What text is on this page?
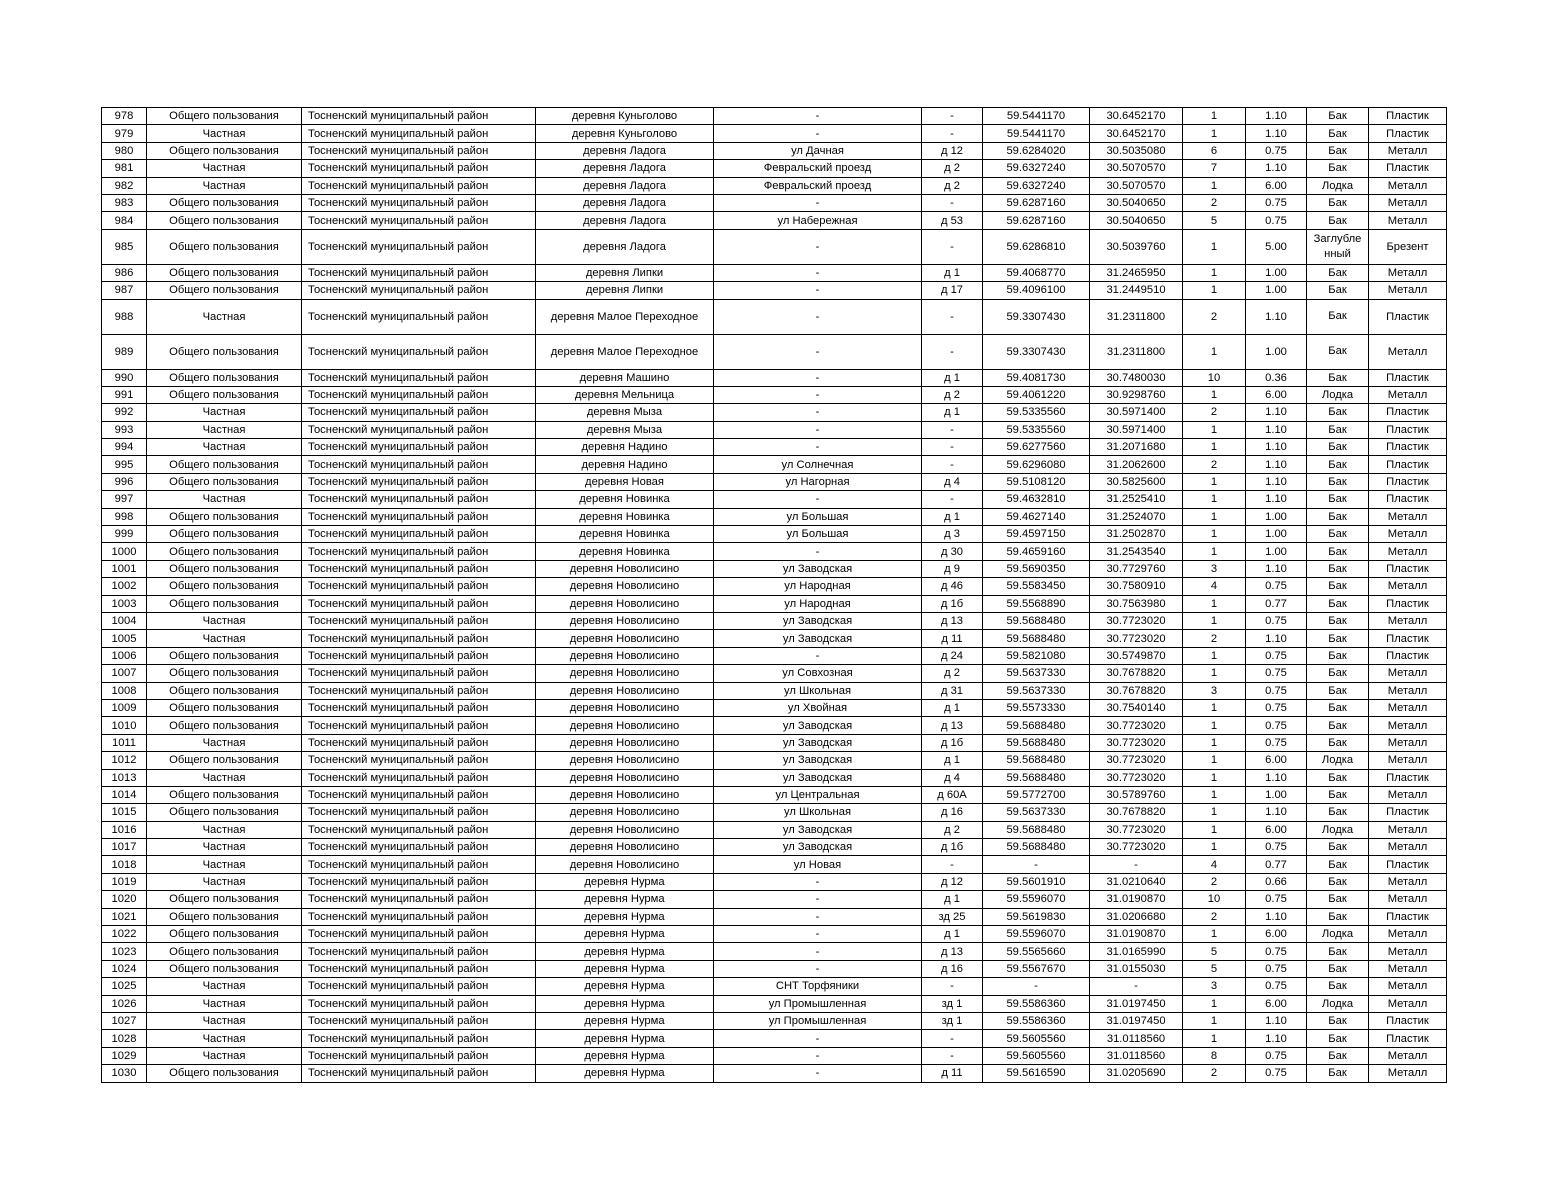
978	Общего пользования	Тосненский муниципальный район	деревня Куньголово	-	-	59.5441170	30.6452170	1	1.10	Бак	Пластик
979	Частная	Тосненский муниципальный район	деревня Куньголово	-	-	59.5441170	30.6452170	1	1.10	Бак	Пластик
980	Общего пользования	Тосненский муниципальный район	деревня Ладога	ул Дачная	д 12	59.6284020	30.5035080	6	0.75	Бак	Металл
981	Частная	Тосненский муниципальный район	деревня Ладога	Февральский проезд	д 2	59.6327240	30.5070570	7	1.10	Бак	Пластик
982	Частная	Тосненский муниципальный район	деревня Ладога	Февральский проезд	д 2	59.6327240	30.5070570	1	6.00	Лодка	Металл
983	Общего пользования	Тосненский муниципальный район	деревня Ладога	-	-	59.6287160	30.5040650	2	0.75	Бак	Металл
984	Общего пользования	Тосненский муниципальный район	деревня Ладога	ул Набережная	д 53	59.6287160	30.5040650	5	0.75	Бак	Металл
985	Общего пользования	Тосненский муниципальный район	деревня Ладога	-	-	59.6286810	30.5039760	1	5.00	Заглубле нный	Брезент
986	Общего пользования	Тосненский муниципальный район	деревня Липки	-	д 1	59.4068770	31.2465950	1	1.00	Бак	Металл
987	Общего пользования	Тосненский муниципальный район	деревня Липки	-	д 17	59.4096100	31.2449510	1	1.00	Бак	Металл
988	Частная	Тосненский муниципальный район	деревня Малое Переходное	-	-	59.3307430	31.2311800	2	1.10	Бак	Пластик
989	Общего пользования	Тосненский муниципальный район	деревня Малое Переходное	-	-	59.3307430	31.2311800	1	1.00	Бак	Металл
990	Общего пользования	Тосненский муниципальный район	деревня Машино	-	д 1	59.4081730	30.7480030	10	0.36	Бак	Пластик
991	Общего пользования	Тосненский муниципальный район	деревня Мельница	-	д 2	59.4061220	30.9298760	1	6.00	Лодка	Металл
992	Частная	Тосненский муниципальный район	деревня Мыза	-	д 1	59.5335560	30.5971400	2	1.10	Бак	Пластик
993	Частная	Тосненский муниципальный район	деревня Мыза	-	-	59.5335560	30.5971400	1	1.10	Бак	Пластик
994	Частная	Тосненский муниципальный район	деревня Надино	-	-	59.6277560	31.2071680	1	1.10	Бак	Пластик
995	Общего пользования	Тосненский муниципальный район	деревня Надино	ул Солнечная	-	59.6296080	31.2062600	2	1.10	Бак	Пластик
996	Общего пользования	Тосненский муниципальный район	деревня Новая	ул Нагорная	д 4	59.5108120	30.5825600	1	1.10	Бак	Пластик
997	Частная	Тосненский муниципальный район	деревня Новинка	-	-	59.4632810	31.2525410	1	1.10	Бак	Пластик
998	Общего пользования	Тосненский муниципальный район	деревня Новинка	ул Большая	д 1	59.4627140	31.2524070	1	1.00	Бак	Металл
999	Общего пользования	Тосненский муниципальный район	деревня Новинка	ул Большая	д 3	59.4597150	31.2502870	1	1.00	Бак	Металл
1000	Общего пользования	Тосненский муниципальный район	деревня Новинка	-	д 30	59.4659160	31.2543540	1	1.00	Бак	Металл
1001	Общего пользования	Тосненский муниципальный район	деревня Новолисино	ул Заводская	д 9	59.5690350	30.7729760	3	1.10	Бак	Пластик
1002	Общего пользования	Тосненский муниципальный район	деревня Новолисино	ул Народная	д 46	59.5583450	30.7580910	4	0.75	Бак	Металл
1003	Общего пользования	Тосненский муниципальный район	деревня Новолисино	ул Народная	д 1б	59.5568890	30.7563980	1	0.77	Бак	Пластик
1004	Частная	Тосненский муниципальный район	деревня Новолисино	ул Заводская	д 13	59.5688480	30.7723020	1	0.75	Бак	Металл
1005	Частная	Тосненский муниципальный район	деревня Новолисино	ул Заводская	д 11	59.5688480	30.7723020	2	1.10	Бак	Пластик
1006	Общего пользования	Тосненский муниципальный район	деревня Новолисино	-	д 24	59.5821080	30.5749870	1	0.75	Бак	Пластик
1007	Общего пользования	Тосненский муниципальный район	деревня Новолисино	ул Совхозная	д 2	59.5637330	30.7678820	1	0.75	Бак	Металл
1008	Общего пользования	Тосненский муниципальный район	деревня Новолисино	ул Школьная	д 31	59.5637330	30.7678820	3	0.75	Бак	Металл
1009	Общего пользования	Тосненский муниципальный район	деревня Новолисино	ул Хвойная	д 1	59.5573330	30.7540140	1	0.75	Бак	Металл
1010	Общего пользования	Тосненский муниципальный район	деревня Новолисино	ул Заводская	д 13	59.5688480	30.7723020	1	0.75	Бак	Металл
1011	Частная	Тосненский муниципальный район	деревня Новолисино	ул Заводская	д 1б	59.5688480	30.7723020	1	0.75	Бак	Металл
1012	Общего пользования	Тосненский муниципальный район	деревня Новолисино	ул Заводская	д 1	59.5688480	30.7723020	1	6.00	Лодка	Металл
1013	Частная	Тосненский муниципальный район	деревня Новолисино	ул Заводская	д 4	59.5688480	30.7723020	1	1.10	Бак	Пластик
1014	Общего пользования	Тосненский муниципальный район	деревня Новолисино	ул Центральная	д 60А	59.5772700	30.5789760	1	1.00	Бак	Металл
1015	Общего пользования	Тосненский муниципальный район	деревня Новолисино	ул Школьная	д 16	59.5637330	30.7678820	1	1.10	Бак	Пластик
1016	Частная	Тосненский муниципальный район	деревня Новолисино	ул Заводская	д 2	59.5688480	30.7723020	1	6.00	Лодка	Металл
1017	Частная	Тосненский муниципальный район	деревня Новолисино	ул Заводская	д 1б	59.5688480	30.7723020	1	0.75	Бак	Металл
1018	Частная	Тосненский муниципальный район	деревня Новолисино	ул Новая	-	-	-	4	0.77	Бак	Пластик
1019	Частная	Тосненский муниципальный район	деревня Нурма	-	д 12	59.5601910	31.0210640	2	0.66	Бак	Металл
1020	Общего пользования	Тосненский муниципальный район	деревня Нурма	-	д 1	59.5596070	31.0190870	10	0.75	Бак	Металл
1021	Общего пользования	Тосненский муниципальный район	деревня Нурма	-	зд 25	59.5619830	31.0206680	2	1.10	Бак	Пластик
1022	Общего пользования	Тосненский муниципальный район	деревня Нурма	-	д 1	59.5596070	31.0190870	1	6.00	Лодка	Металл
1023	Общего пользования	Тосненский муниципальный район	деревня Нурма	-	д 13	59.5565660	31.0165990	5	0.75	Бак	Металл
1024	Общего пользования	Тосненский муниципальный район	деревня Нурма	-	д 16	59.5567670	31.0155030	5	0.75	Бак	Металл
1025	Частная	Тосненский муниципальный район	деревня Нурма	СНТ Торфяники	-	-	-	3	0.75	Бак	Металл
1026	Частная	Тосненский муниципальный район	деревня Нурма	ул Промышленная	зд 1	59.5586360	31.0197450	1	6.00	Лодка	Металл
1027	Частная	Тосненский муниципальный район	деревня Нурма	ул Промышленная	зд 1	59.5586360	31.0197450	1	1.10	Бак	Пластик
1028	Частная	Тосненский муниципальный район	деревня Нурма	-	-	59.5605560	31.0118560	1	1.10	Бак	Пластик
1029	Частная	Тосненский муниципальный район	деревня Нурма	-	-	59.5605560	31.0118560	8	0.75	Бак	Металл
1030	Общего пользования	Тосненский муниципальный район	деревня Нурма	-	д 11	59.5616590	31.0205690	2	0.75	Бак	Металл
